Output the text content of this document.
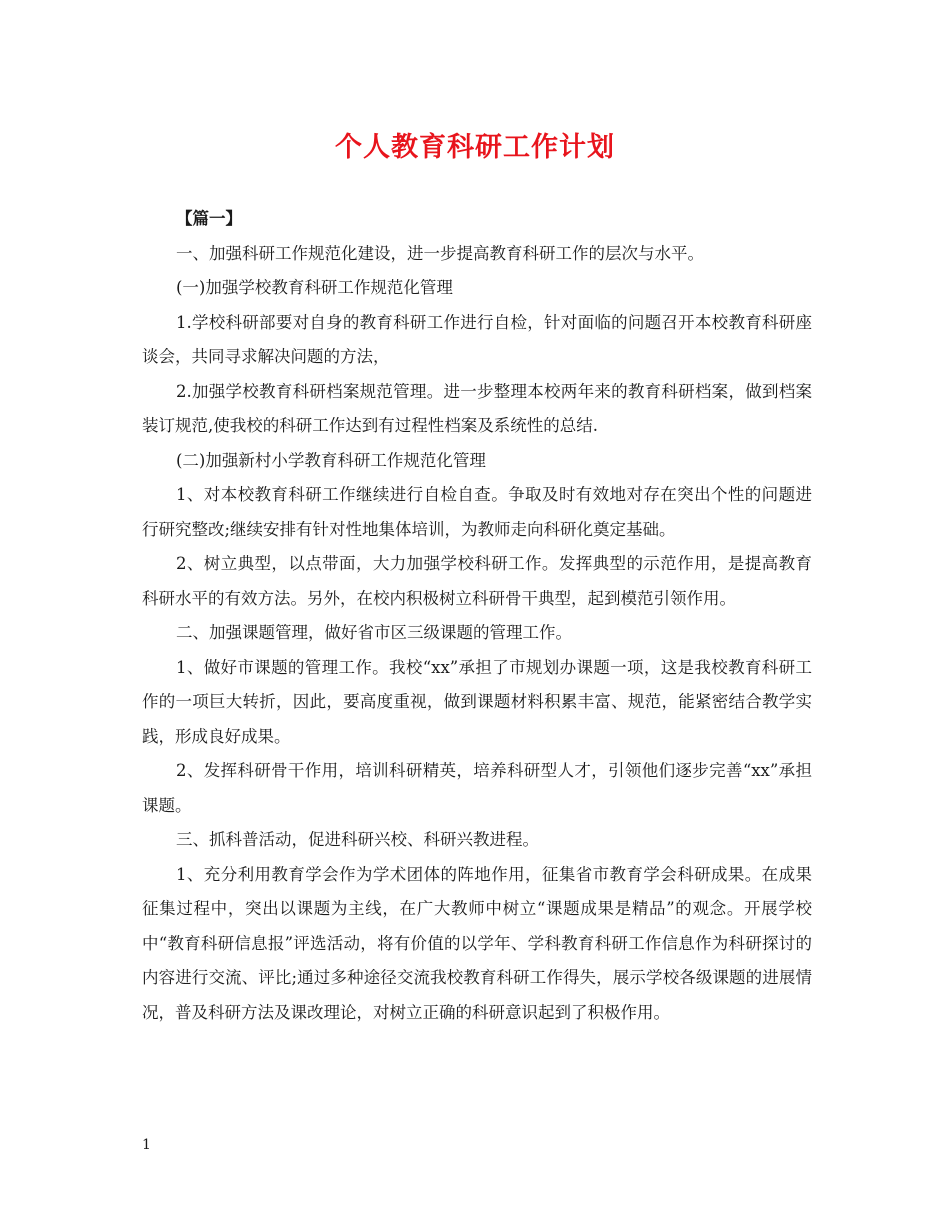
个人教育科研工作计划

【篇一】

一、加强科研工作规范化建设，进一步提高教育科研工作的层次与水平。

(一)加强学校教育科研工作规范化管理

1.学校科研部要对自身的教育科研工作进行自检，针对面临的问题召开本校教育科研座谈会，共同寻求解决问题的方法，

2.加强学校教育科研档案规范管理。进一步整理本校两年来的教育科研档案，做到档案装订规范,使我校的科研工作达到有过程性档案及系统性的总结.

(二)加强新村小学教育科研工作规范化管理

1、对本校教育科研工作继续进行自检自查。争取及时有效地对存在突出个性的问题进行研究整改;继续安排有针对性地集体培训，为教师走向科研化奠定基础。

2、树立典型，以点带面，大力加强学校科研工作。发挥典型的示范作用，是提高教育科研水平的有效方法。另外，在校内积极树立科研骨干典型，起到模范引领作用。

二、加强课题管理，做好省市区三级课题的管理工作。

1、做好市课题的管理工作。我校“xx”承担了市规划办课题一项，这是我校教育科研工作的一项巨大转折，因此，要高度重视，做到课题材料积累丰富、规范，能紧密结合教学实践，形成良好成果。

2、发挥科研骨干作用，培训科研精英，培养科研型人才，引领他们逐步完善“xx”承担课题。

三、抓科普活动，促进科研兴校、科研兴教进程。

1、充分利用教育学会作为学术团体的阵地作用，征集省市教育学会科研成果。在成果征集过程中，突出以课题为主线，在广大教师中树立“课题成果是精品”的观念。开展学校中“教育科研信息报”评选活动，将有价值的以学年、学科教育科研工作信息作为科研探讨的内容进行交流、评比;通过多种途径交流我校教育科研工作得失，展示学校各级课题的进展情况，普及科研方法及课改理论，对树立正确的科研意识起到了积极作用。

1
